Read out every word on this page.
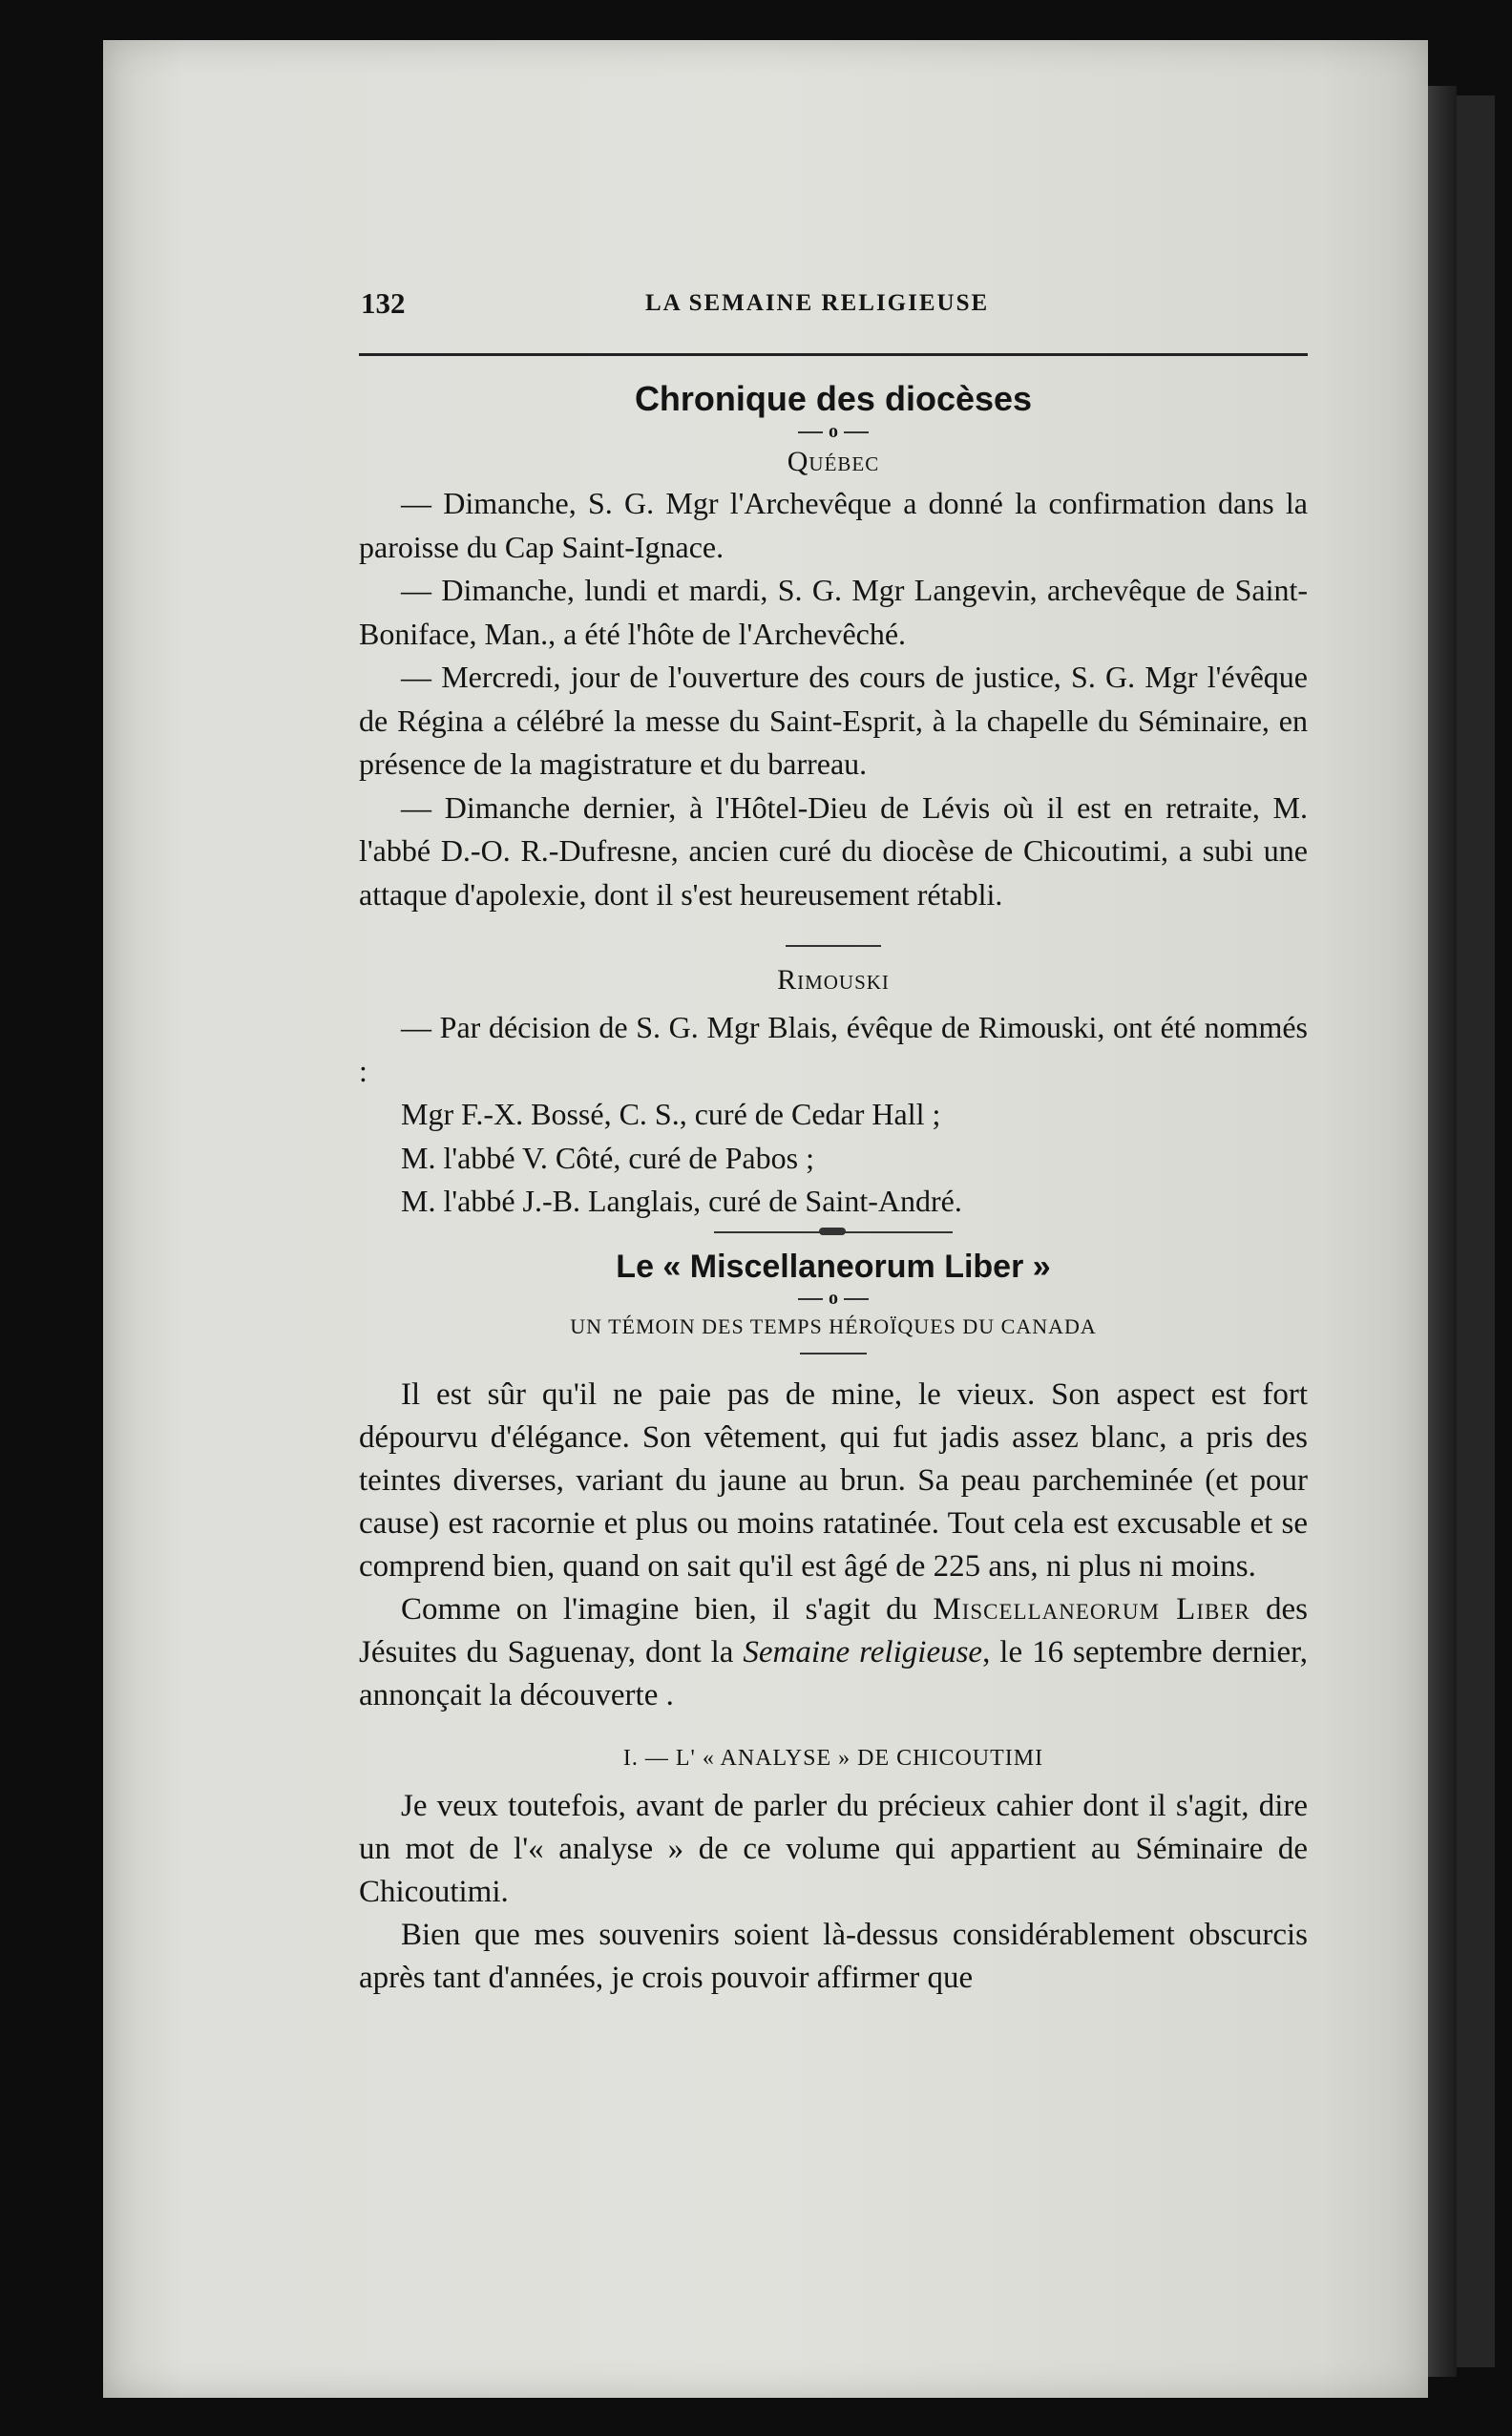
132	LA SEMAINE RELIGIEUSE
Chronique des diocèses
o
Québec

— Dimanche, S. G. Mgr l'Archevêque a donné la confirmation dans la paroisse du Cap Saint-Ignace.

— Dimanche, lundi et mardi, S. G. Mgr Langevin, archevêque de Saint-Boniface, Man., a été l'hôte de l'Archevêché.

— Mercredi, jour de l'ouverture des cours de justice, S. G. Mgr l'évêque de Régina a célébré la messe du Saint-Esprit, à la chapelle du Séminaire, en présence de la magistrature et du barreau.

— Dimanche dernier, à l'Hôtel-Dieu de Lévis où il est en retraite, M. l'abbé D.-O. R.-Dufresne, ancien curé du diocèse de Chicoutimi, a subi une attaque d'apolexie, dont il s'est heureusement rétabli.

Rimouski

— Par décision de S. G. Mgr Blais, évêque de Rimouski, ont été nommés :

Mgr F.-X. Bossé, C. S., curé de Cedar Hall ;
M. l'abbé V. Côté, curé de Pabos ;
M. l'abbé J.-B. Langlais, curé de Saint-André.
Le « Miscellaneorum Liber »
o
UN TÉMOIN DES TEMPS HÉROÏQUES DU CANADA

Il est sûr qu'il ne paie pas de mine, le vieux. Son aspect est fort dépourvu d'élégance. Son vêtement, qui fut jadis assez blanc, a pris des teintes diverses, variant du jaune au brun. Sa peau parcheminée (et pour cause) est racornie et plus ou moins ratatinée. Tout cela est excusable et se comprend bien, quand on sait qu'il est âgé de 225 ans, ni plus ni moins.

Comme on l'imagine bien, il s'agit du Miscellaneorum Liber des Jésuites du Saguenay, dont la Semaine religieuse, le 16 septembre dernier, annonçait la découverte .

I. — L' « ANALYSE » DE CHICOUTIMI

Je veux toutefois, avant de parler du précieux cahier dont il s'agit, dire un mot de l'« analyse » de ce volume qui appartient au Séminaire de Chicoutimi.

Bien que mes souvenirs soient là-dessus considérablement obscurcis après tant d'années, je crois pouvoir affirmer que
